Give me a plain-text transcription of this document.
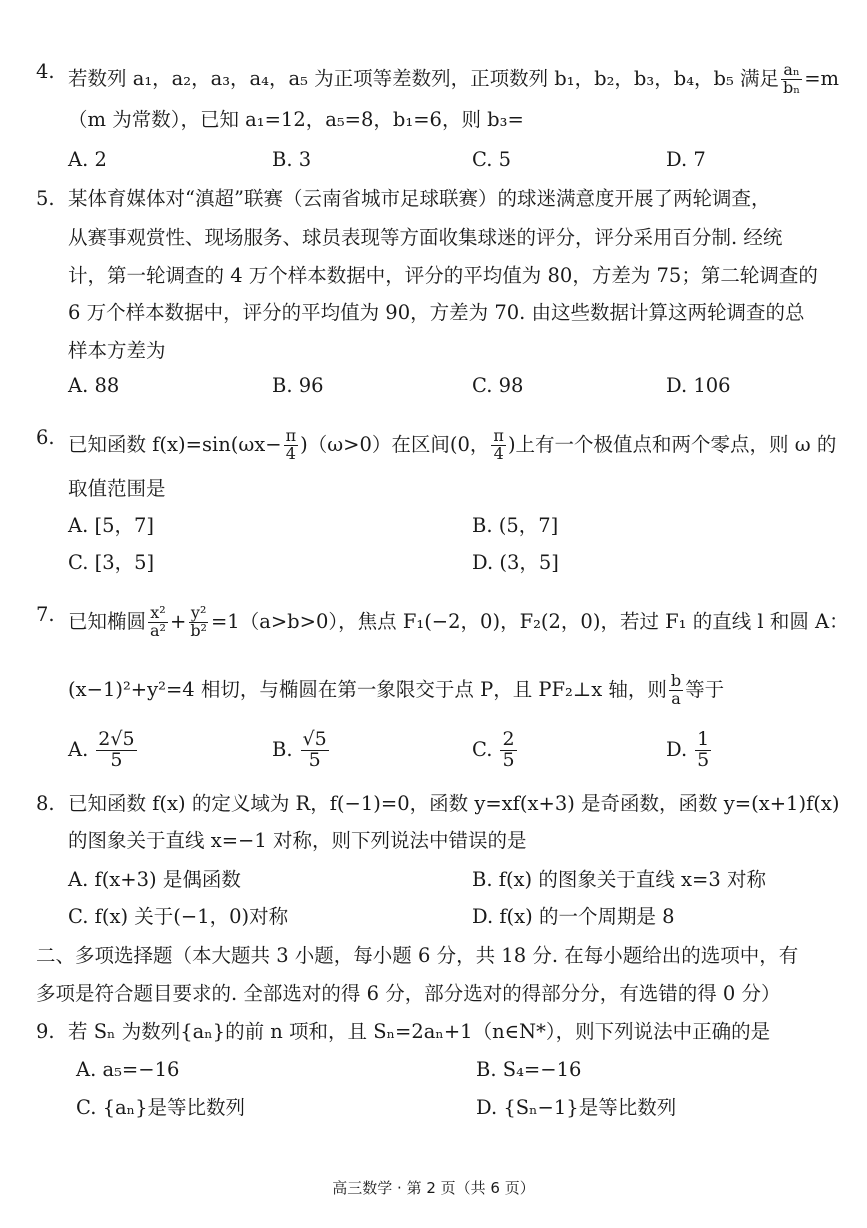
4. 若数列 a₁，a₂，a₃，a₄，a₅ 为正项等差数列，正项数列 b₁，b₂，b₃，b₄，b₅ 满足 $\frac{\text{aₙ}}{\text{bₙ}} =m$
（m 为常数），已知 a₁=12，a₅=8，b₁=6，则 b₃=
A. 2	B. 3	C. 5	D. 7
5. 某体育媒体对“滇超”联赛（云南省城市足球联赛）的球迷满意度开展了两轮调查，
从赛事观赏性、现场服务、球员表现等方面收集球迷的评分，评分采用百分制. 经统
计，第一轮调查的 4 万个样本数据中，评分的平均值为 80，方差为 75；第二轮调查的
6 万个样本数据中，评分的平均值为 90，方差为 70. 由这些数据计算这两轮调查的总
样本方差为
A. 88	B. 96	C. 98	D. 106
6. 已知函数 $f(x)=\sin(\omega x- \frac{\pi}{4} )(\omega>0)$在区间(0， $\frac{\pi}{4}$ )上有一个极值点和两个零点，则 ω 的
取值范围是
A. [5，7]	B. (5，7]
C. [3，5]	D. (3，5]
7. 已知椭圆 $\frac{\text{x²}}{\text{a²}} + \frac{\text{y²}}{\text{b²}} =1(a>b>0)$，焦点 F₁(−2，0)，F₂(2，0)，若过 F₁ 的直线 l 和圆 A：
(x−1)²+y²=4 相切，与椭圆在第一象限交于点 P，且 PF₂⊥x 轴，则 $\frac{b}{a}$ 等于
A. $\frac{2√5}{5}$	B. $\frac{√5}{5}$	C. $\frac{2}{5}$	D. $\frac{1}{5}$
8. 已知函数 f(x) 的定义域为 R，f(−1)=0，函数 y=xf(x+3) 是奇函数，函数 y=(x+1)f(x)
的图象关于直线 x=−1 对称，则下列说法中错误的是
A. f(x+3) 是偶函数	B. f(x) 的图象关于直线 x=3 对称
C. f(x) 关于(−1，0)对称	D. f(x) 的一个周期是 8
二、多项选择题（本大题共 3 小题，每小题 6 分，共 18 分. 在每小题给出的选项中，有
多项是符合题目要求的. 全部选对的得 6 分，部分选对的得部分分，有选错的得 0 分）
9. 若 Sₙ 为数列{aₙ}的前 n 项和，且 Sₙ=2aₙ+1（n∈N*），则下列说法中正确的是
A. a₅=−16	B. S₄=−16
C. {aₙ}是等比数列	D. {Sₙ−1}是等比数列
高三数学 · 第 2 页（共 6 页）
